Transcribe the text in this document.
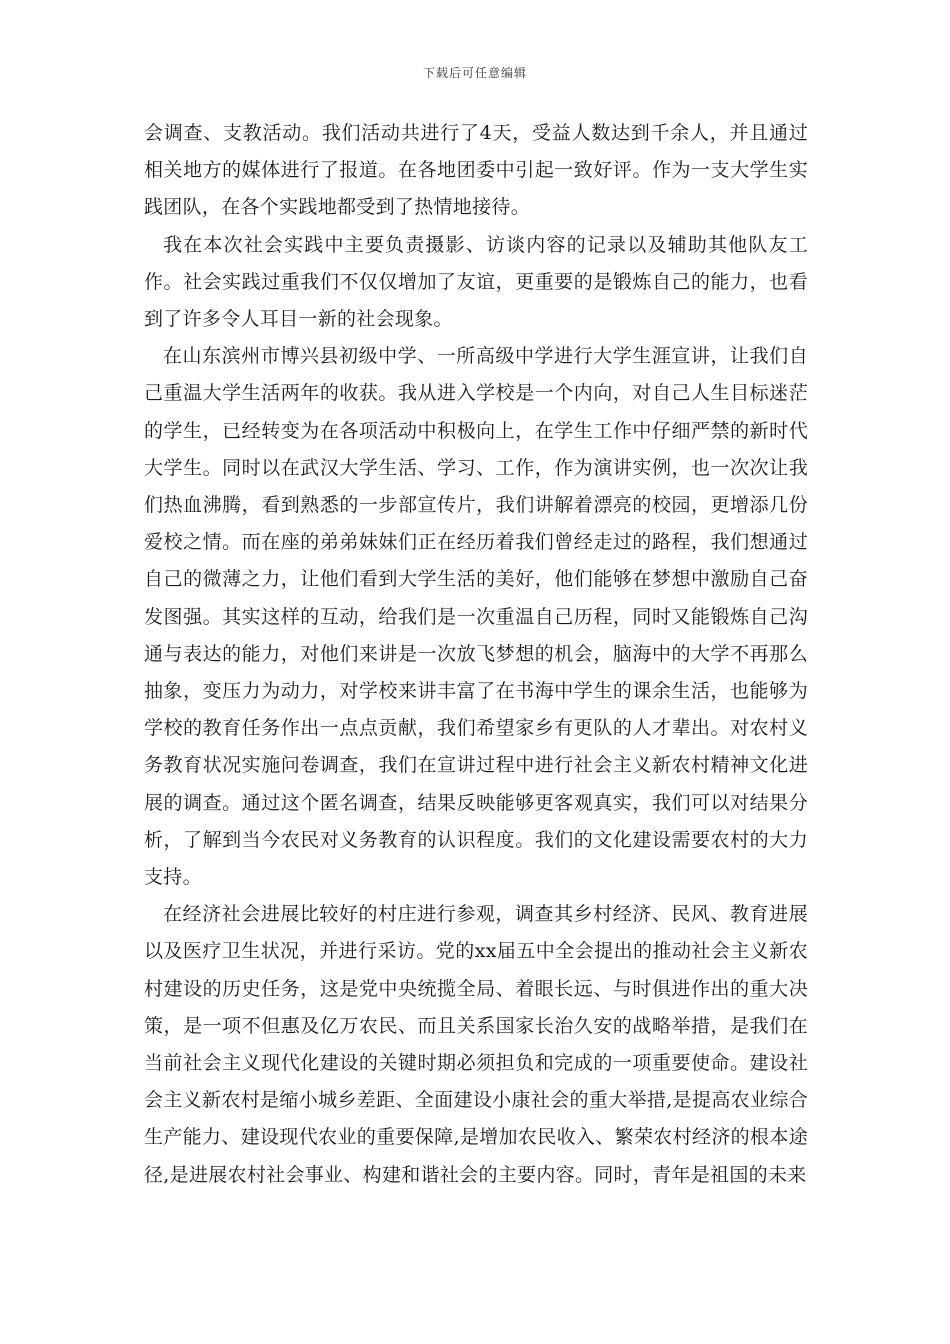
下载后可任意编辑

会调查、支教活动。我们活动共进行了4天，受益人数达到千余人，并且通过相关地方的媒体进行了报道。在各地团委中引起一致好评。作为一支大学生实践团队，在各个实践地都受到了热情地接待。

我在本次社会实践中主要负责摄影、访谈内容的记录以及辅助其他队友工作。社会实践过重我们不仅仅增加了友谊，更重要的是锻炼自己的能力，也看到了许多令人耳目一新的社会现象。

在山东滨州市博兴县初级中学、一所高级中学进行大学生涯宣讲，让我们自己重温大学生活两年的收获。我从进入学校是一个内向，对自己人生目标迷茫的学生，已经转变为在各项活动中积极向上，在学生工作中仔细严禁的新时代大学生。同时以在武汉大学生活、学习、工作，作为演讲实例，也一次次让我们热血沸腾，看到熟悉的一步部宣传片，我们讲解着漂亮的校园，更增添几份爱校之情。而在座的弟弟妹妹们正在经历着我们曾经走过的路程，我们想通过自己的微薄之力，让他们看到大学生活的美好，他们能够在梦想中激励自己奋发图强。其实这样的互动，给我们是一次重温自己历程，同时又能锻炼自己沟通与表达的能力，对他们来讲是一次放飞梦想的机会，脑海中的大学不再那么抽象，变压力为动力，对学校来讲丰富了在书海中学生的课余生活，也能够为学校的教育任务作出一点点贡献，我们希望家乡有更队的人才辈出。对农村义务教育状况实施问卷调查，我们在宣讲过程中进行社会主义新农村精神文化进展的调查。通过这个匿名调查，结果反映能够更客观真实，我们可以对结果分析，了解到当今农民对义务教育的认识程度。我们的文化建设需要农村的大力支持。

在经济社会进展比较好的村庄进行参观，调查其乡村经济、民风、教育进展以及医疗卫生状况，并进行采访。党的xx届五中全会提出的推动社会主义新农村建设的历史任务，这是党中央统揽全局、着眼长远、与时俱进作出的重大决策，是一项不但惠及亿万农民、而且关系国家长治久安的战略举措，是我们在当前社会主义现代化建设的关键时期必须担负和完成的一项重要使命。建设社会主义新农村是缩小城乡差距、全面建设小康社会的重大举措,是提高农业综合生产能力、建设现代农业的重要保障,是增加农民收入、繁荣农村经济的根本途径,是进展农村社会事业、构建和谐社会的主要内容。同时，青年是祖国的未来
